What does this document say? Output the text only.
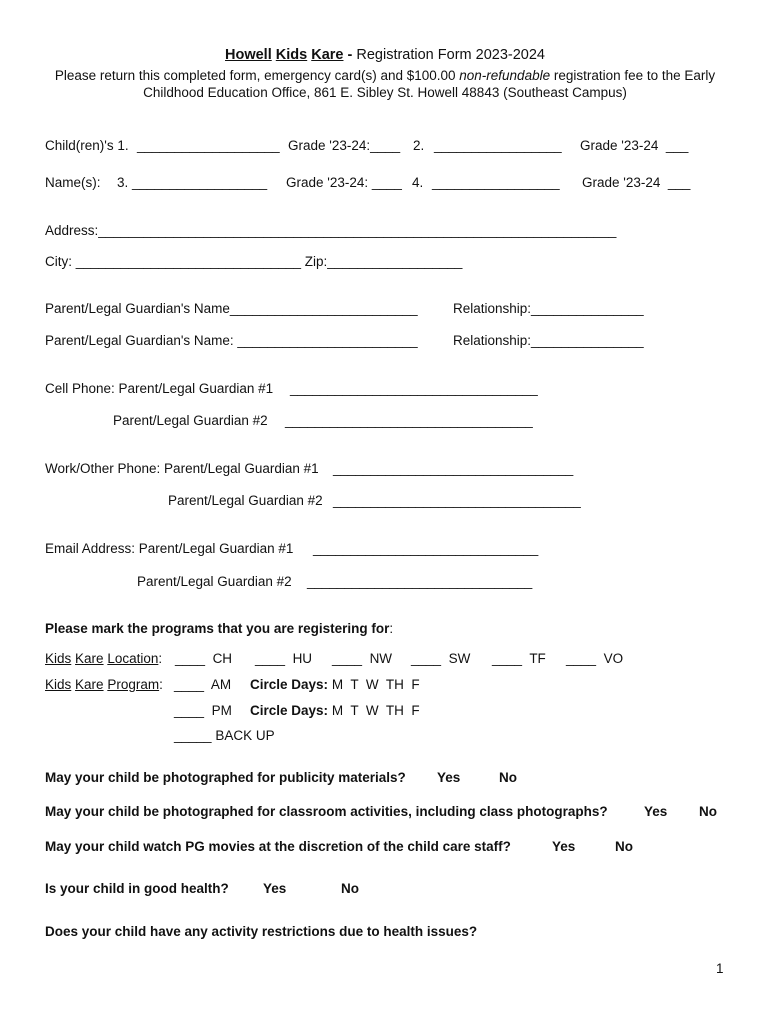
Howell Kids Kare - Registration Form 2023-2024
Please return this completed form, emergency card(s) and $100.00 non-refundable registration fee to the Early
Childhood Education Office, 861 E. Sibley St. Howell 48843 (Southeast Campus)
Child(ren)'s 1. ___________________ Grade '23-24:____ 2. _________________ Grade '23-24  ___
Name(s): 3. __________________ Grade '23-24: ____ 4. _________________ Grade '23-24  ___
Address:_____________________________________________________________________
City: ______________________________ Zip:__________________
Parent/Legal Guardian's Name_________________________	Relationship:_______________
Parent/Legal Guardian's Name: ________________________	Relationship:_______________
Cell Phone: Parent/Legal Guardian #1 _________________________________
Parent/Legal Guardian #2 _________________________________
Work/Other Phone: Parent/Legal Guardian #1 ________________________________
Parent/Legal Guardian #2 _________________________________
Email Address: Parent/Legal Guardian #1 ______________________________
Parent/Legal Guardian #2 ______________________________
Please mark the programs that you are registering for:
Kids Kare Location: ____ CH ____ HU ____ NW ____ SW ____ TF ____ VO
Kids Kare Program: ____ AM Circle Days: M  T  W  TH  F
____ PM Circle Days: M  T  W  TH  F
_____ BACK UP
May your child be photographed for publicity materials? Yes	No
May your child be photographed for classroom activities, including class photographs?	Yes No
May your child watch PG movies at the discretion of the child care staff?	Yes	No
Is your child in good health?	Yes	No
Does your child have any activity restrictions due to health issues?
1
